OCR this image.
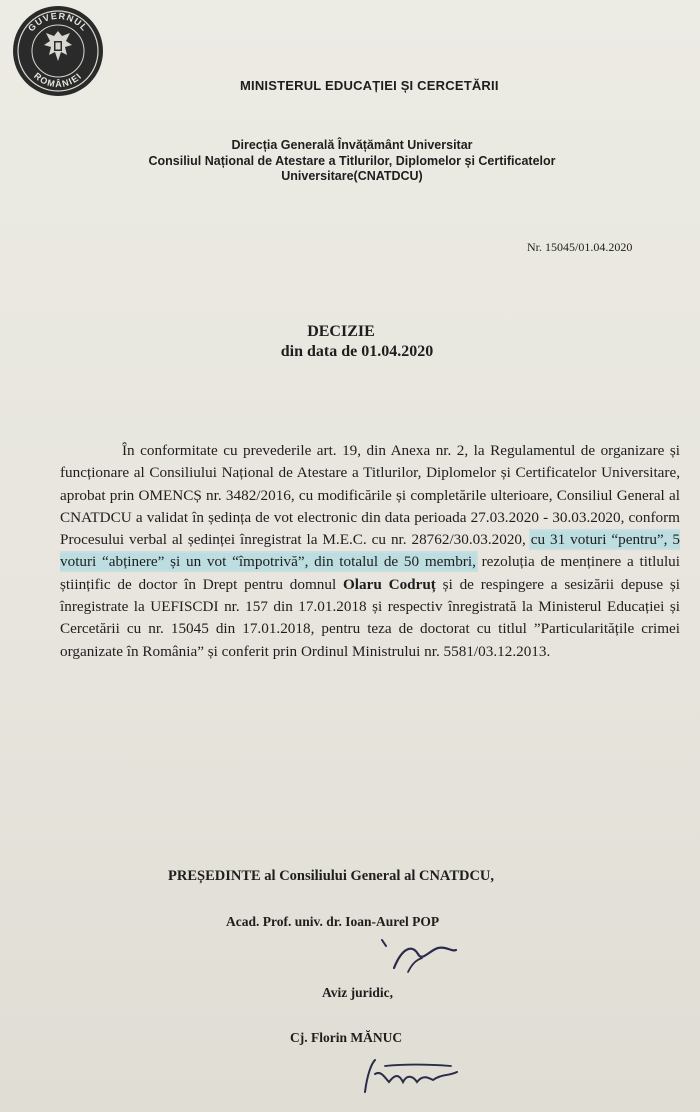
GUVERNUL
ROMÂNIEI
MINISTERUL EDUCAȚIEI ȘI CERCETĂRII
Direcția Generală Învățământ Universitar
Consiliul Național de Atestare a Titlurilor, Diplomelor și Certificatelor
Universitare(CNATDCU)
Nr. 15045/01.04.2020
DECIZIE
din data de 01.04.2020

În conformitate cu prevederile art. 19, din Anexa nr. 2, la Regulamentul de organizare și funcționare al Consiliului Național de Atestare a Titlurilor, Diplomelor și Certificatelor Universitare, aprobat prin OMENCȘ nr. 3482/2016, cu modificările și completările ulterioare, Consiliul General al CNATDCU a validat în ședința de vot electronic din data perioada 27.03.2020 - 30.03.2020, conform Procesului verbal al ședinței înregistrat la M.E.C. cu nr. 28762/30.03.2020, cu 31 voturi “pentru”, 5 voturi “abținere” și un vot “împotrivă”, din totalul de 50 membri, rezoluția de menținere a titlului științific de doctor în Drept pentru domnul Olaru Codruț și de respingere a sesizării depuse și înregistrate la UEFISCDI nr. 157 din 17.01.2018 și respectiv înregistrată la Ministerul Educației și Cercetării cu nr. 15045 din 17.01.2018, pentru teza de doctorat cu titlul ”Particularitățile crimei organizate în România” și conferit prin Ordinul Ministrului nr. 5581/03.12.2013.

PREȘEDINTE al Consiliului General al CNATDCU,
Acad. Prof. univ. dr. Ioan-Aurel POP
Aviz juridic,
Cj. Florin MĂNUC
